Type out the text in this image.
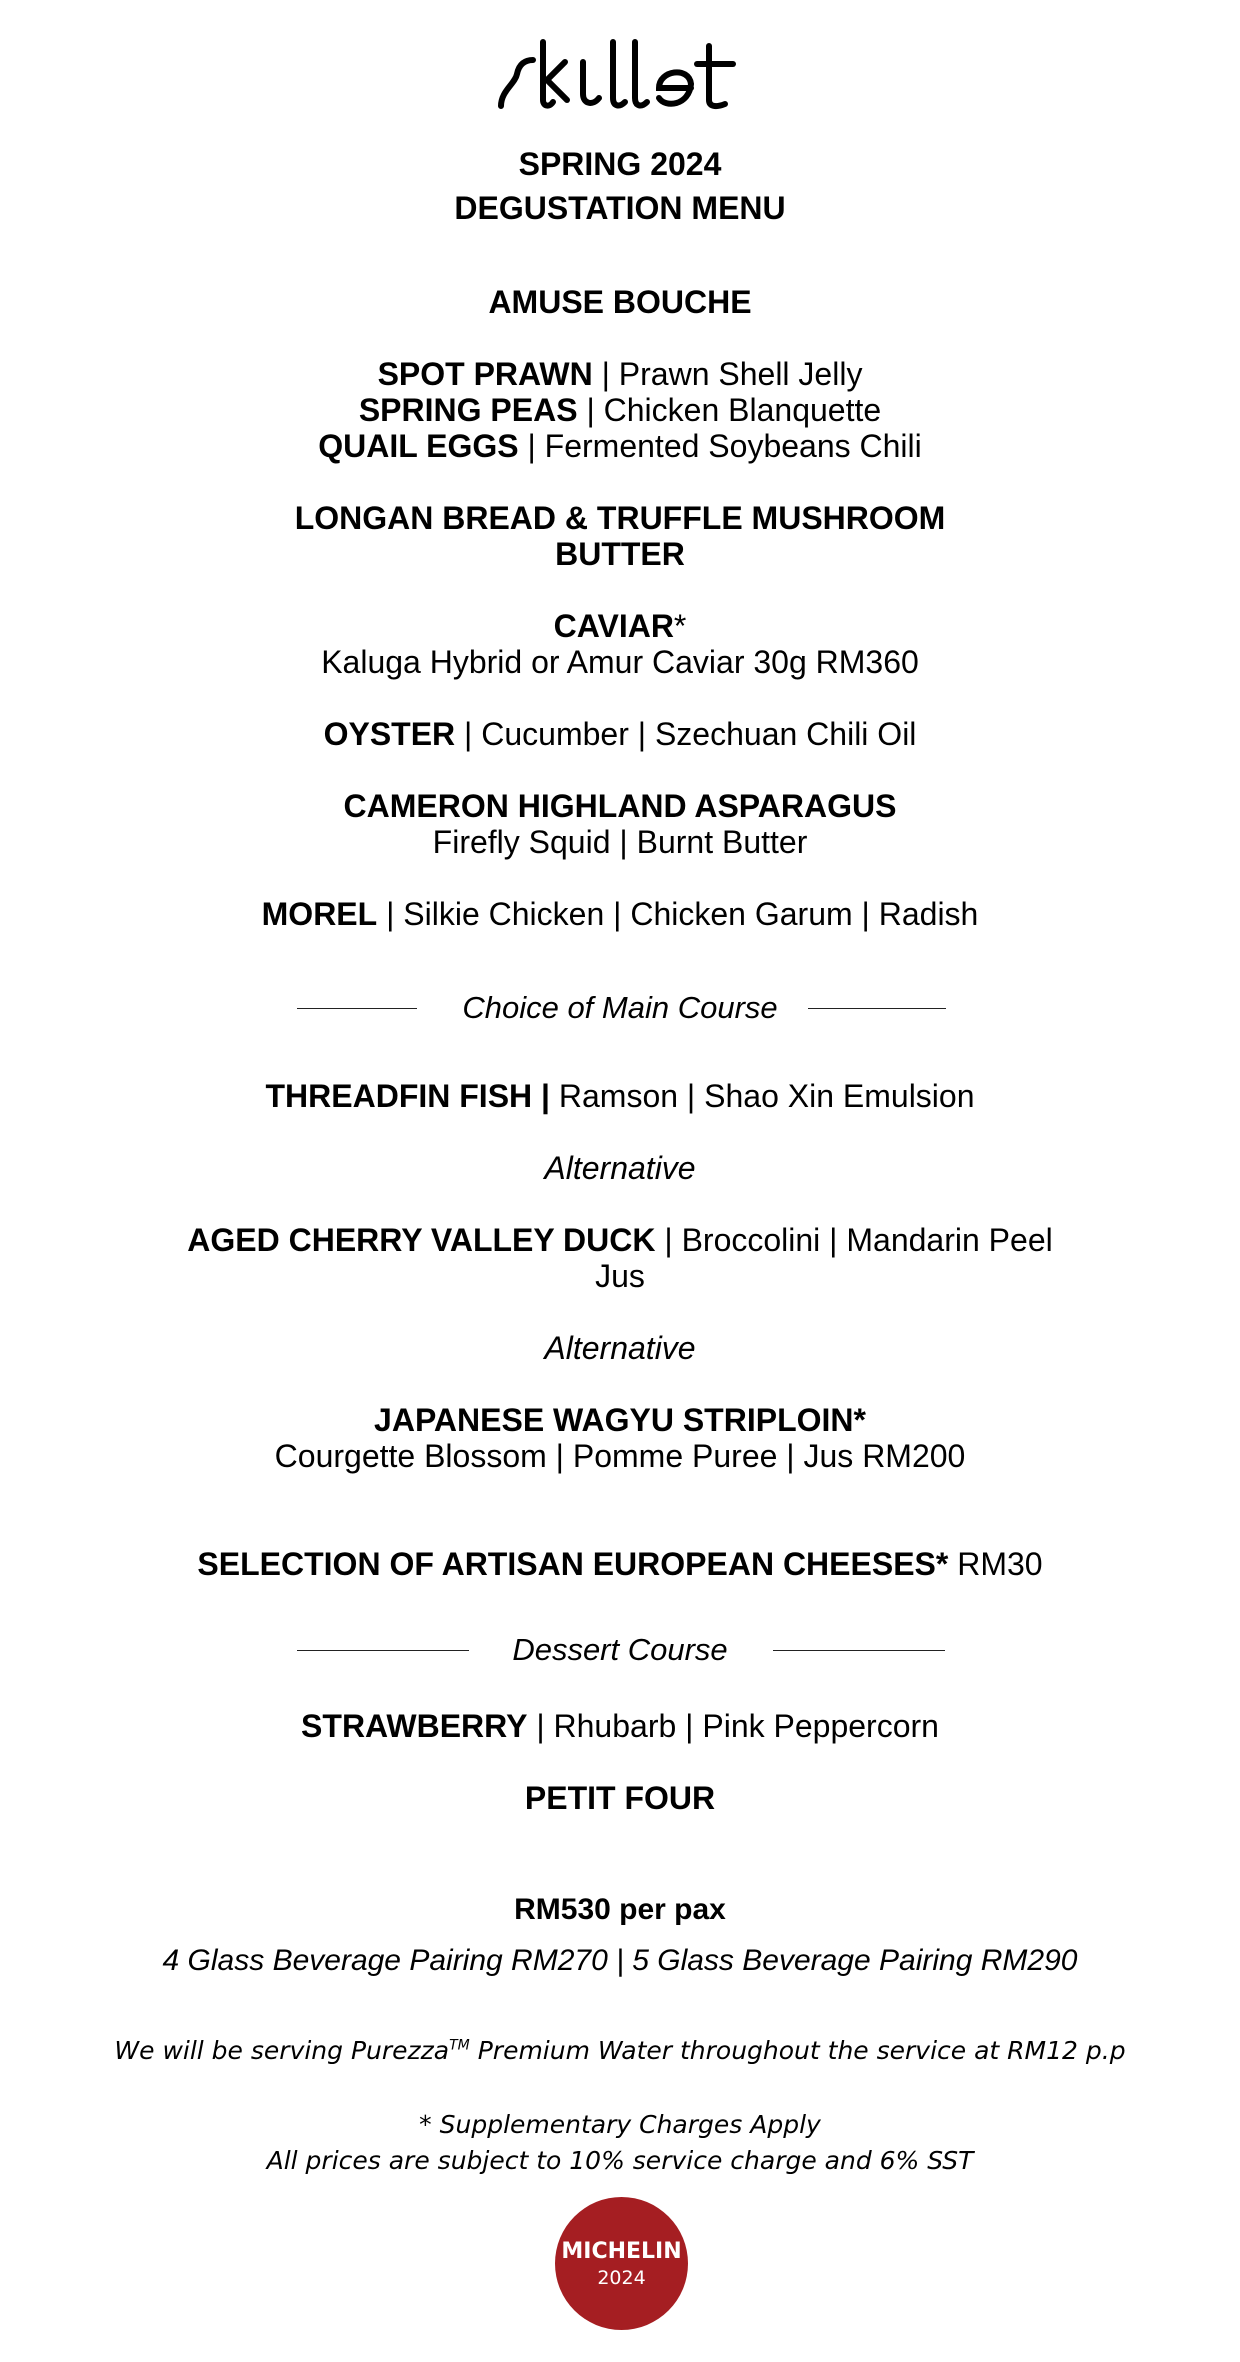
SPRING 2024
DEGUSTATION MENU
AMUSE BOUCHE
SPOT PRAWN | Prawn Shell Jelly
SPRING PEAS | Chicken Blanquette
QUAIL EGGS | Fermented Soybeans Chili
LONGAN BREAD & TRUFFLE MUSHROOM
BUTTER
CAVIAR*
Kaluga Hybrid or Amur Caviar 30g RM360
OYSTER | Cucumber | Szechuan Chili Oil
CAMERON HIGHLAND ASPARAGUS
Firefly Squid | Burnt Butter
MOREL | Silkie Chicken | Chicken Garum | Radish
Choice of Main Course
THREADFIN FISH | Ramson | Shao Xin Emulsion
Alternative
AGED CHERRY VALLEY DUCK | Broccolini | Mandarin Peel
Jus
Alternative
JAPANESE WAGYU STRIPLOIN*
Courgette Blossom | Pomme Puree | Jus RM200
SELECTION OF ARTISAN EUROPEAN CHEESES* RM30
Dessert Course
STRAWBERRY | Rhubarb | Pink Peppercorn
PETIT FOUR
RM530 per pax
4 Glass Beverage Pairing RM270 | 5 Glass Beverage Pairing RM290
We will be serving Purezza™ Premium Water throughout the service at RM12 p.p
* Supplementary Charges Apply
All prices are subject to 10% service charge and 6% SST
MICHELIN
2024
